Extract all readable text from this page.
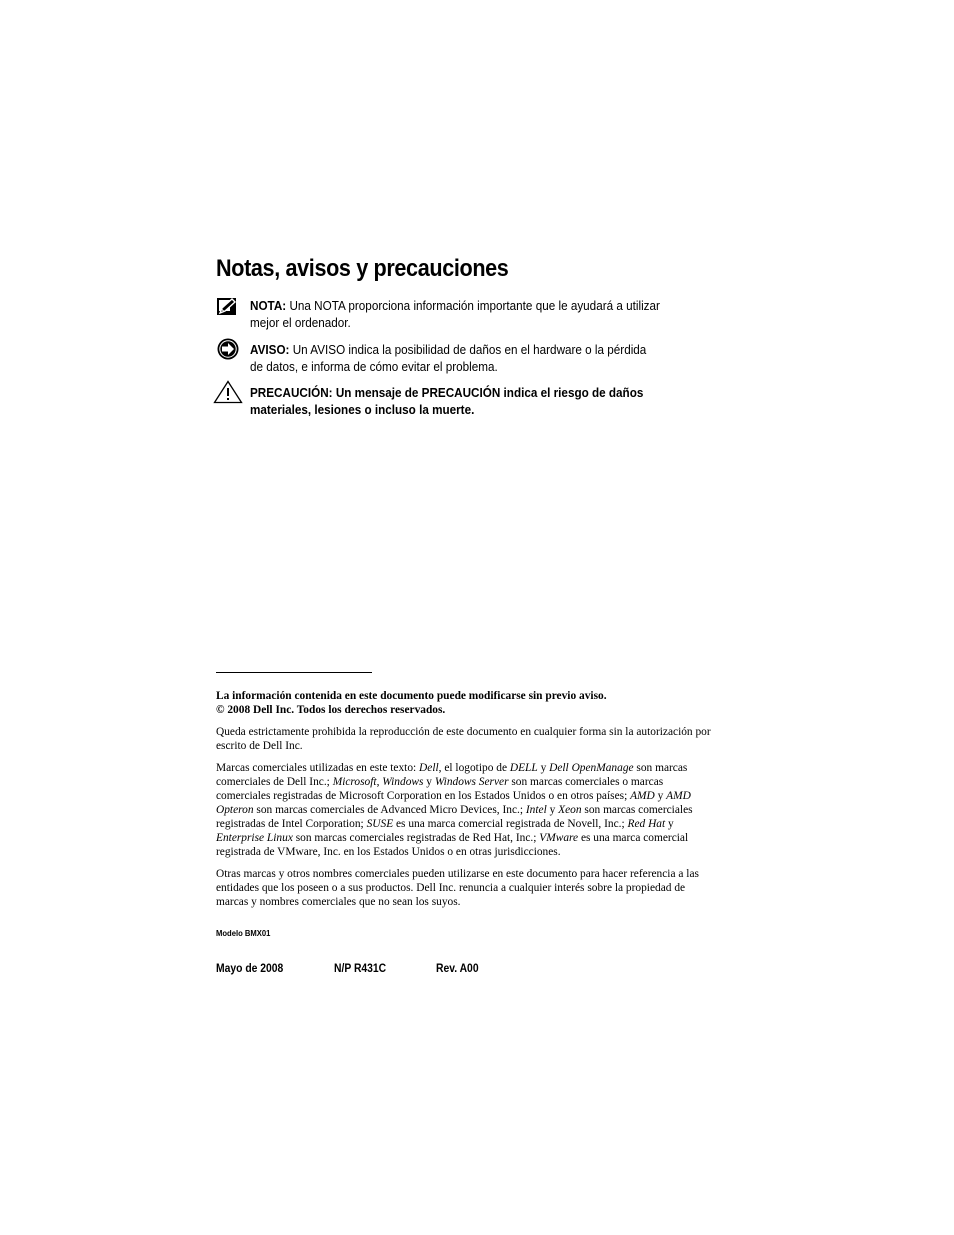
Notas, avisos y precauciones
NOTA: Una NOTA proporciona información importante que le ayudará a utilizar
mejor el ordenador.
AVISO: Un AVISO indica la posibilidad de daños en el hardware o la pérdida
de datos, e informa de cómo evitar el problema.
PRECAUCIÓN: Un mensaje de PRECAUCIÓN indica el riesgo de daños
materiales, lesiones o incluso la muerte.

La información contenida en este documento puede modificarse sin previo aviso.

© 2008 Dell Inc. Todos los derechos reservados.

Queda estrictamente prohibida la reproducción de este documento en cualquier forma sin la autorización por escrito de Dell Inc.
Marcas comerciales utilizadas en este texto: Dell, el logotipo de DELL y Dell OpenManage son marcas comerciales de Dell Inc.; Microsoft, Windows y Windows Server son marcas comerciales o marcas comerciales registradas de Microsoft Corporation en los Estados Unidos o en otros países; AMD y AMD Opteron son marcas comerciales de Advanced Micro Devices, Inc.; Intel y Xeon son marcas comerciales registradas de Intel Corporation; SUSE es una marca comercial registrada de Novell, Inc.; Red Hat y Enterprise Linux son marcas comerciales registradas de Red Hat, Inc.; VMware es una marca comercial registrada de VMware, Inc. en los Estados Unidos o en otras jurisdicciones.
Otras marcas y otros nombres comerciales pueden utilizarse en este documento para hacer referencia a las entidades que los poseen o a sus productos. Dell Inc. renuncia a cualquier interés sobre la propiedad de marcas y nombres comerciales que no sean los suyos.
Modelo BMX01
Mayo de 2008	N/P R431C	Rev. A00
